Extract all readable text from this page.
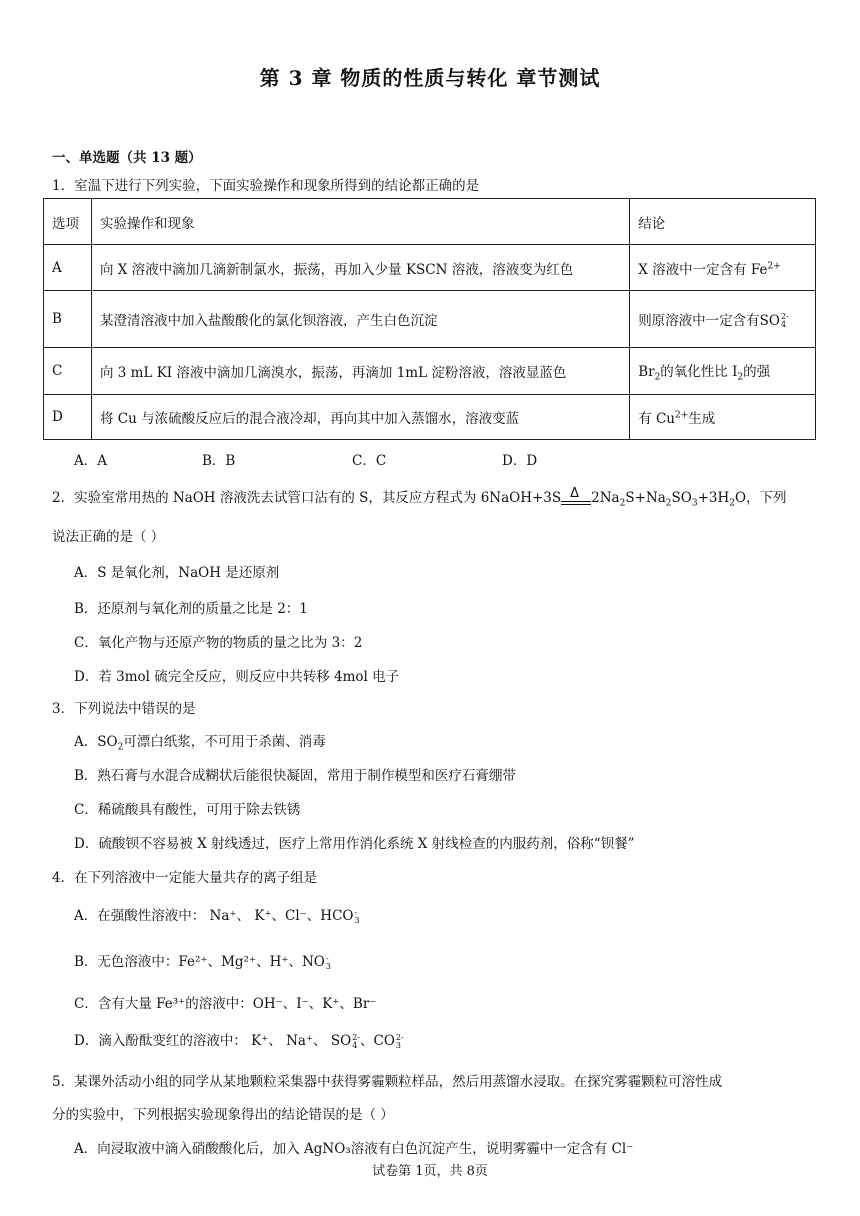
第 3 章 物质的性质与转化 章节测试
一、单选题（共 13 题）
1．室温下进行下列实验，下面实验操作和现象所得到的结论都正确的是
选项	实验操作和现象	结论
A	向 X 溶液中滴加几滴新制氯水，振荡，再加入少量 KSCN 溶液，溶液变为红色	X 溶液中一定含有 $Fe^{2+}$
B	某澄清溶液中加入盐酸酸化的氯化钡溶液，产生白色沉淀	则原溶液中一定含有SO 2-
4

C	向 3 mL KI 溶液中滴加几滴溴水，振荡，再滴加 1mL 淀粉溶液，溶液显蓝色	$Br_2$的氧化性比 $I_2$的强
D	将 Cu 与浓硫酸反应后的混合液冷却，再向其中加入蒸馏水，溶液变蓝	有 $Cu^{2+}$生成
A．A	B．B	C．C	D．D
2．实验室常用热的 NaOH 溶液洗去试管口沾有的 S，其反应方程式为 6NaOH+3S Δ $2Na_2S+Na_2SO_3+3H_2O$，下列
说法正确的是（ ）
A．S 是氧化剂，NaOH 是还原剂
B．还原剂与氧化剂的质量之比是 2：1
C．氧化产物与还原产物的物质的量之比为 3：2
D．若 3mol 硫完全反应，则反应中共转移 4mol 电子
3．下列说法中错误的是
A．$SO_2$可漂白纸浆，不可用于杀菌、消毒
B．熟石膏与水混合成糊状后能很快凝固，常用于制作模型和医疗石膏绷带
C．稀硫酸具有酸性，可用于除去铁锈
D．硫酸钡不容易被 X 射线透过，医疗上常用作消化系统 X 射线检查的内服药剂，俗称“钡餐”
4．在下列溶液中一定能大量共存的离子组是
A．在强酸性溶液中： Na⁺、 K⁺、Cl⁻、HCO -
3
B．无色溶液中：Fe²⁺、Mg²⁺、H⁺、NO -
3
C．含有大量 Fe³⁺的溶液中：OH⁻、I⁻、K⁺、Br⁻
D．滴入酚酞变红的溶液中： K⁺、 Na⁺、 SO 2-
4 、CO 2-
3
5．某课外活动小组的同学从某地颗粒采集器中获得雾霾颗粒样品，然后用蒸馏水浸取。在探究雾霾颗粒可溶性成
分的实验中，下列根据实验现象得出的结论错误的是（ ）
A．向浸取液中滴入硝酸酸化后，加入 AgNO₃溶液有白色沉淀产生，说明雾霾中一定含有 Cl⁻
试卷第 1页，共 8页
